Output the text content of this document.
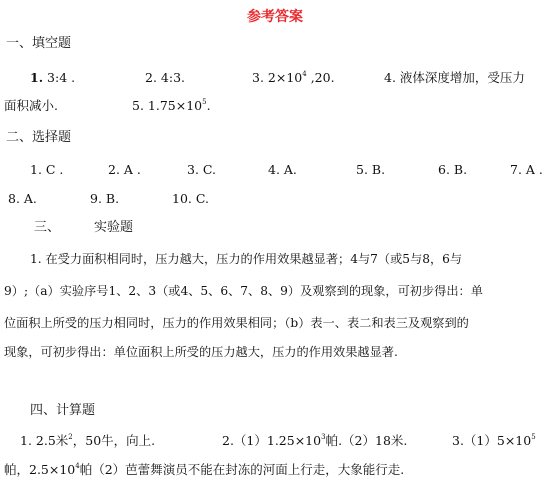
参考答案
一、填空题
1. 3:4 .	2. 4:3.	3. $2\times 10^4$ ,20.	4. 液体深度增加，受压力
面积减小.	5. $1.75\times 10^5$.
二、选择题
1. C .	2. A .	3. C.	4. A.	5. B.	6. B.	7. A .
8. A.	9. B.	10. C.
三、	实验题
1. 在受力面积相同时，压力越大，压力的作用效果越显著；4与7（或5与8，6与
9）;（a）实验序号1、2、3（或4、5、6、7、8、9）及观察到的现象，可初步得出：单
位面积上所受的压力相同时，压力的作用效果相同；（b）表一、表二和表三及观察到的
现象，可初步得出：单位面积上所受的压力越大，压力的作用效果越显著.
四、计算题
1. 2.5米$^2$，50牛，向上.	$2.(1)1.25\times 10^3$帕.（2）18米.	$3.(1)5\times 10^5$
帕，$2.5\times 10^4$帕（2）芭蕾舞演员不能在封冻的河面上行走，大象能行走.
